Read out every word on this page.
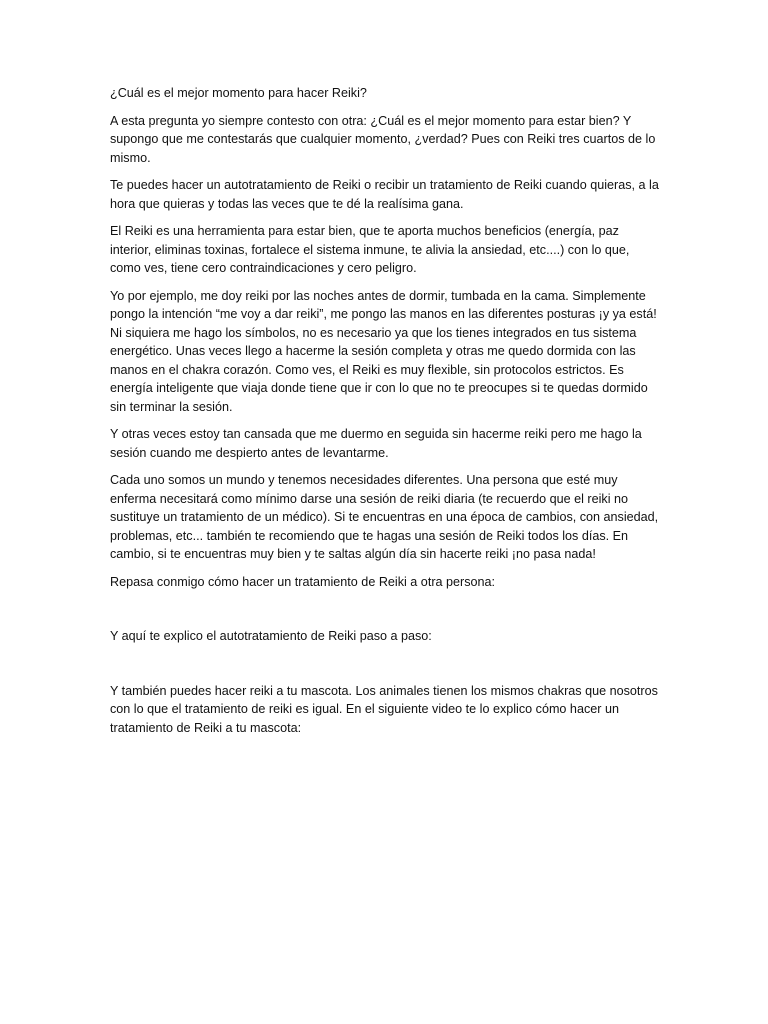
¿Cuál es el mejor momento para hacer Reiki?

A esta pregunta yo siempre contesto con otra: ¿Cuál es el mejor momento para estar bien? Y supongo que me contestarás que cualquier momento, ¿verdad? Pues con Reiki tres cuartos de lo mismo.

Te puedes hacer un autotratamiento de Reiki o recibir un tratamiento de Reiki cuando quieras, a la hora que quieras y todas las veces que te dé la realísima gana.

El Reiki es una herramienta para estar bien, que te aporta muchos beneficios (energía, paz interior, eliminas toxinas, fortalece el sistema inmune, te alivia la ansiedad, etc....) con lo que, como ves, tiene cero contraindicaciones y cero peligro.

Yo por ejemplo, me doy reiki por las noches antes de dormir, tumbada en la cama. Simplemente pongo la intención “me voy a dar reiki”, me pongo las manos en las diferentes posturas ¡y ya está! Ni siquiera me hago los símbolos, no es necesario ya que los tienes integrados en tus sistema energético. Unas veces llego a hacerme la sesión completa y otras me quedo dormida con las manos en el chakra corazón. Como ves, el Reiki es muy flexible, sin protocolos estrictos. Es energía inteligente que viaja donde tiene que ir con lo que no te preocupes si te quedas dormido sin terminar la sesión.

Y otras veces estoy tan cansada que me duermo en seguida sin hacerme reiki pero me hago la sesión cuando me despierto antes de levantarme.

Cada uno somos un mundo y tenemos necesidades diferentes. Una persona que esté muy enferma necesitará como mínimo darse una sesión de reiki diaria (te recuerdo que el reiki no sustituye un tratamiento de un médico). Si te encuentras en una época de cambios, con ansiedad, problemas, etc... también te recomiendo que te hagas una sesión de Reiki todos los días. En cambio, si te encuentras muy bien y te saltas algún día sin hacerte reiki ¡no pasa nada!

Repasa conmigo cómo hacer un tratamiento de Reiki a otra persona:

Y aquí te explico el autotratamiento de Reiki paso a paso:

Y también puedes hacer reiki a tu mascota. Los animales tienen los mismos chakras que nosotros con lo que el tratamiento de reiki es igual. En el siguiente video te lo explico cómo hacer un tratamiento de Reiki a tu mascota:
